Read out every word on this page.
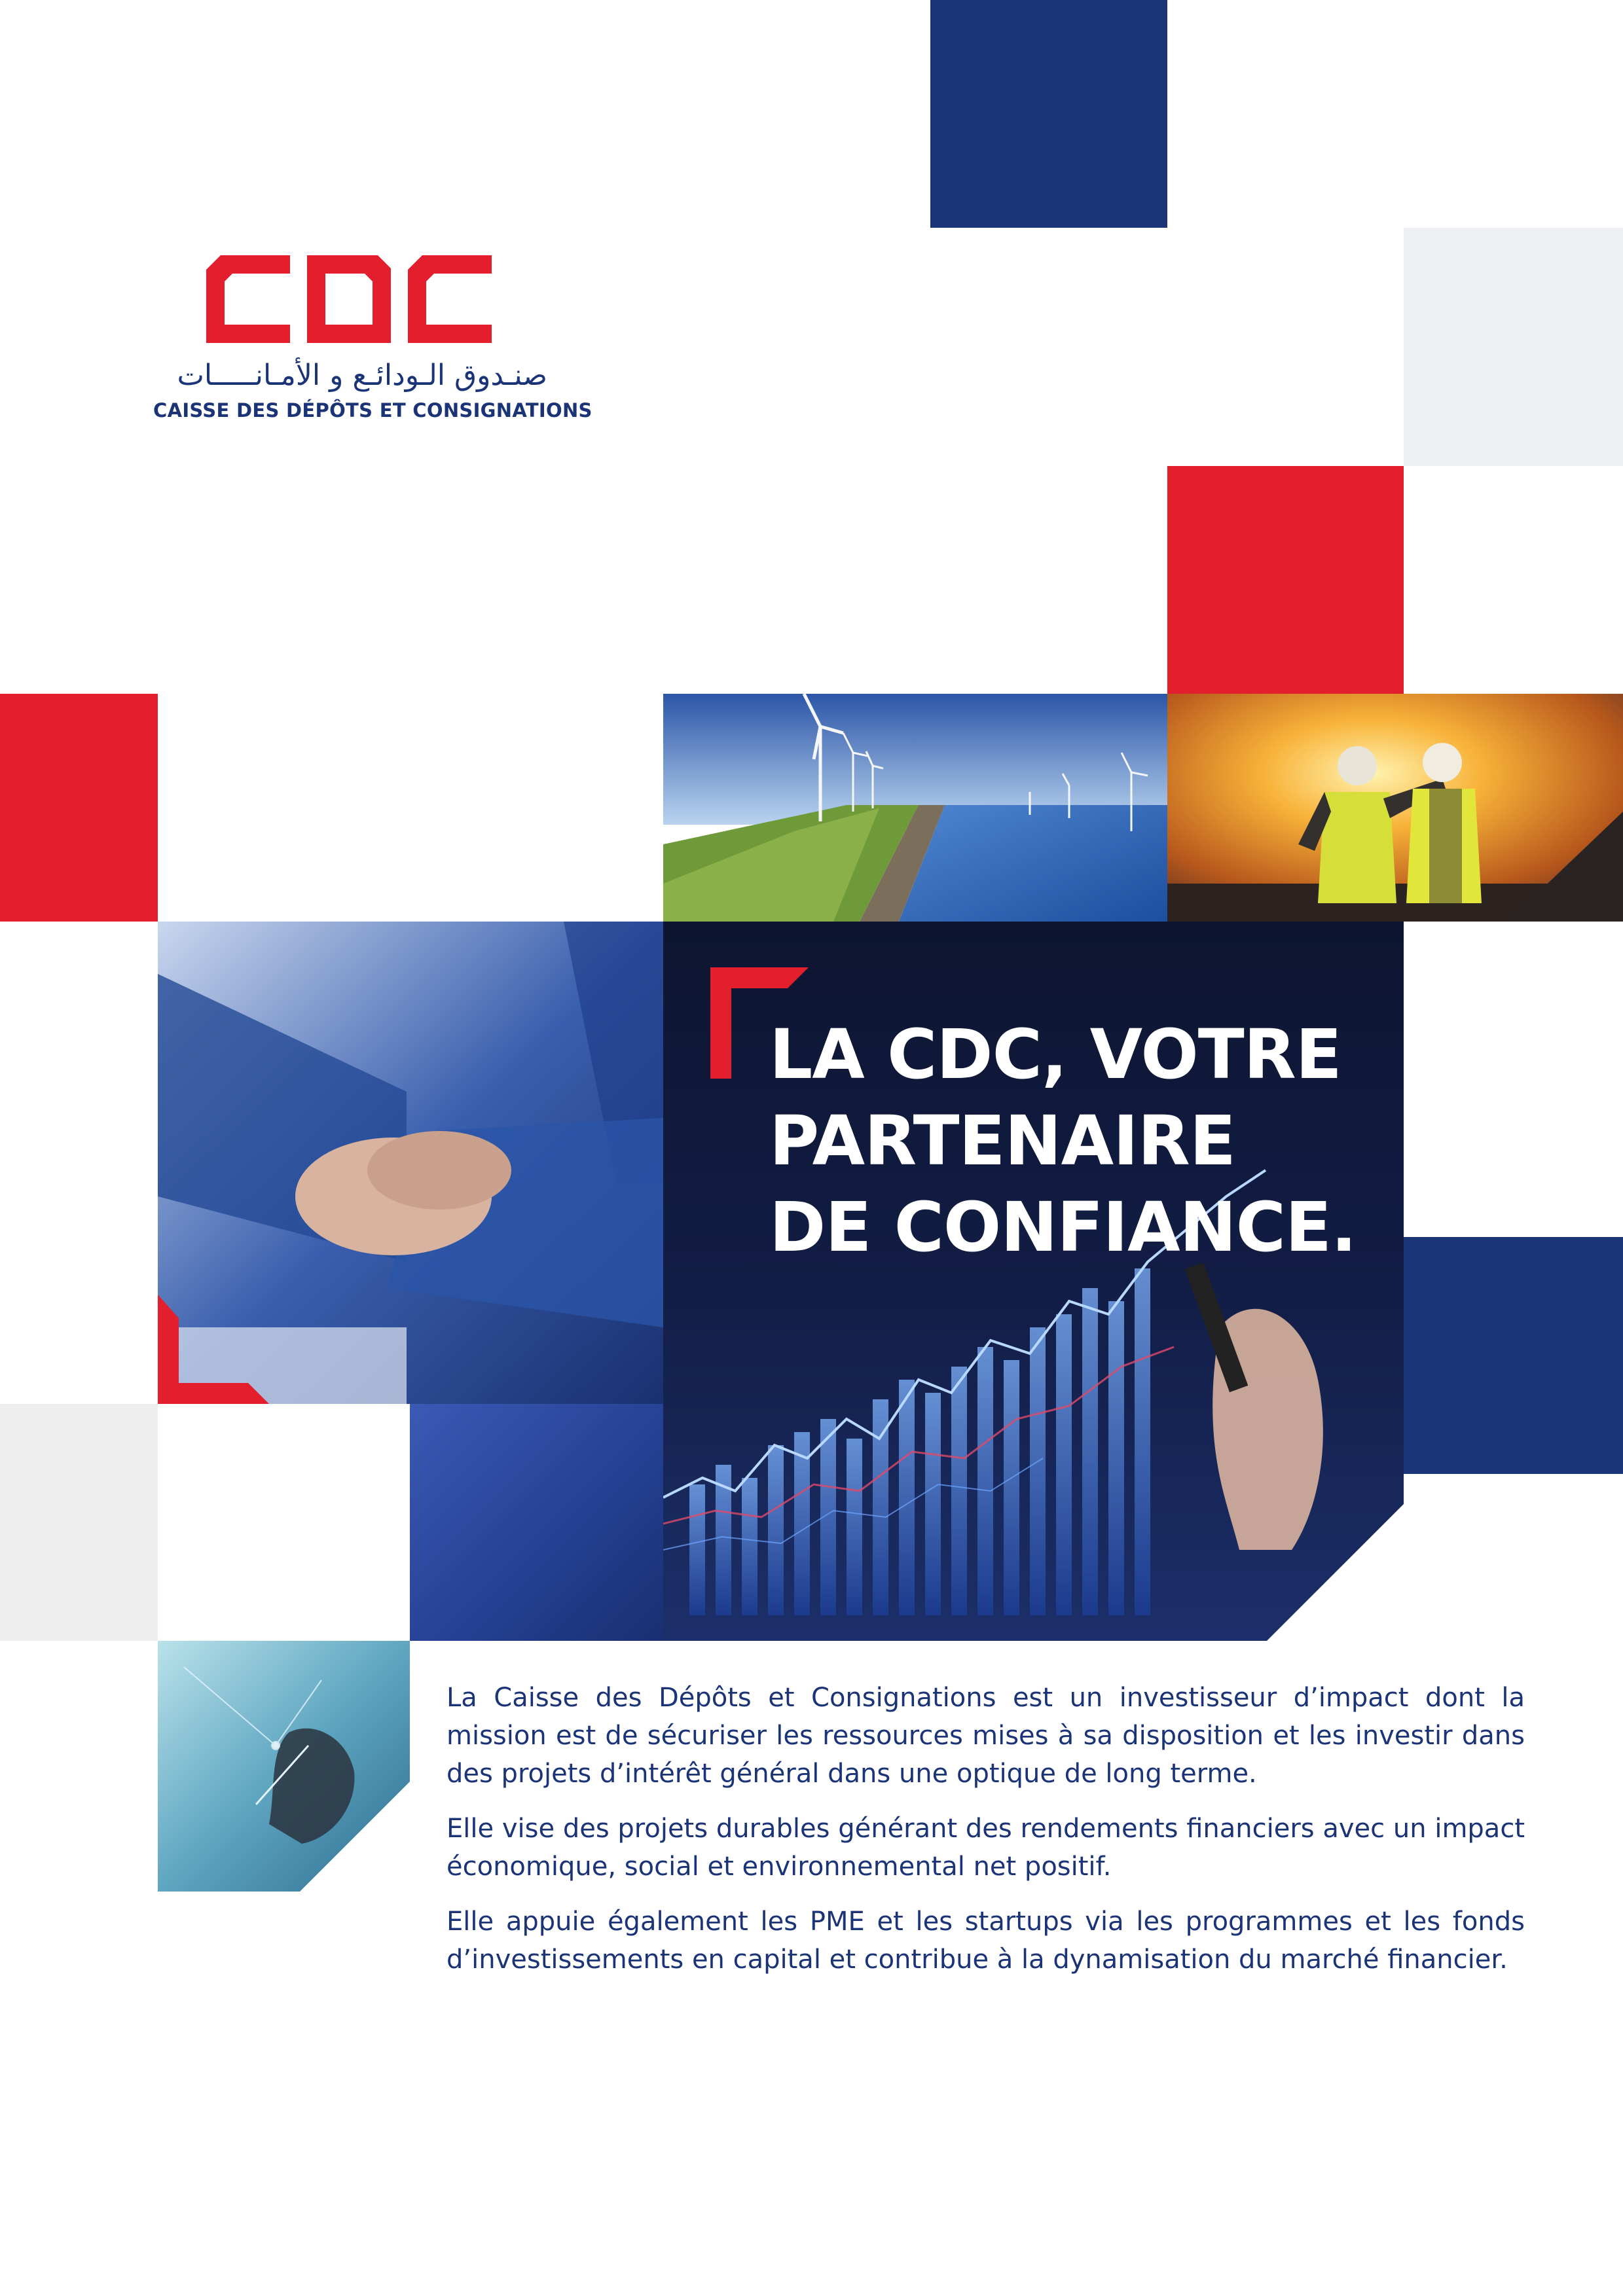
صنـدوق الـودائـع و الأمـانـــــات
CAISSE DES DÉPÔTS ET CONSIGNATIONS
LA CDC, VOTRE
PARTENAIRE
DE CONFIANCE.

La Caisse des Dépôts et Consignations est un investisseur d’impact dont la mission est de sécuriser les ressources mises à sa disposition et les investir dans des projets d’intérêt général dans une optique de long terme.

Elle vise des projets durables générant des rendements financiers avec un impact économique, social et environnemental net positif.

Elle appuie également les PME et les startups via les programmes et les fonds d’investissements en capital et contribue à la dynamisation du marché financier.
